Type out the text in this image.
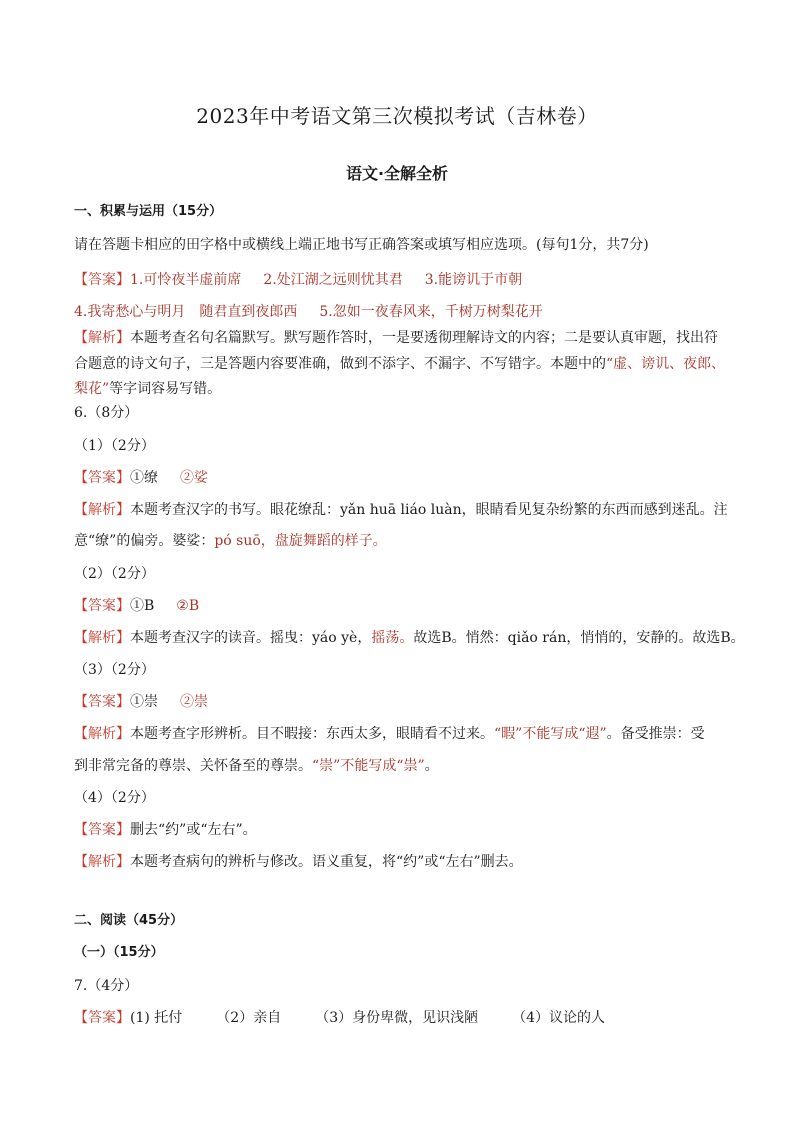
2023年中考语文第三次模拟考试（吉林卷）
语文·全解全析
一、积累与运用（15分）
请在答题卡相应的田字格中或横线上端正地书写正确答案或填写相应选项。(每句1分，共7分)
【答案】1.可怜夜半虚前席 2.处江湖之远则忧其君 3.能谤讥于市朝
4.我寄愁心与明月　随君直到夜郎西 5.忽如一夜春风来，千树万树梨花开
【解析】本题考查名句名篇默写。默写题作答时，一是要透彻理解诗文的内容；二是要认真审题，找出符
合题意的诗文句子，三是答题内容要准确，做到不添字、不漏字、不写错字。本题中的“虚、谤讥、夜郎、
梨花”等字词容易写错。
6.（8分）
（1）（2分）
【答案】①缭 ②娑
【解析】本题考查汉字的书写。眼花缭乱：yǎn huā liáo luàn，眼睛看见复杂纷繁的东西而感到迷乱。注
意“缭”的偏旁。婆娑：pó suō，盘旋舞蹈的样子。
（2）（2分）
【答案】①B ②B
【解析】本题考查汉字的读音。摇曳：yáo yè，摇荡。故选B。悄然：qiǎo rán，悄悄的，安静的。故选B。
（3）（2分）
【答案】①崇 ②崇
【解析】本题考查字形辨析。目不暇接：东西太多，眼睛看不过来。“暇”不能写成“遐”。备受推崇：受
到非常完备的尊崇、关怀备至的尊崇。“崇”不能写成“祟”。
（4）（2分）
【答案】删去“约”或“左右”。
【解析】本题考查病句的辨析与修改。语义重复，将“约”或“左右”删去。
二、阅读（45分）
（一）（15分）
7.（4分）
【答案】(1) 托付 （2）亲自 （3）身份卑微，见识浅陋 （4）议论的人
